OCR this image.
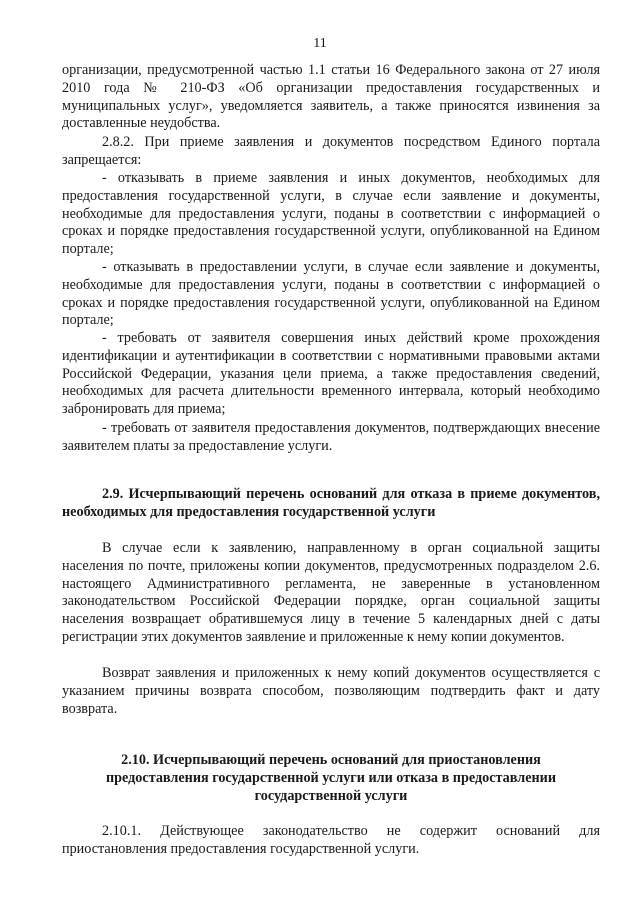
11

организации, предусмотренной частью 1.1 статьи 16 Федерального закона от 27 июля 2010 года № 210-ФЗ «Об организации предоставления государственных и муниципальных услуг», уведомляется заявитель, а также приносятся извинения за доставленные неудобства.

2.8.2. При приеме заявления и документов посредством Единого портала запрещается:

- отказывать в приеме заявления и иных документов, необходимых для предоставления государственной услуги, в случае если заявление и документы, необходимые для предоставления услуги, поданы в соответствии с информацией о сроках и порядке предоставления государственной услуги, опубликованной на Едином портале;

- отказывать в предоставлении услуги, в случае если заявление и документы, необходимые для предоставления услуги, поданы в соответствии с информацией о сроках и порядке предоставления государственной услуги, опубликованной на Едином портале;

- требовать от заявителя совершения иных действий кроме прохождения идентификации и аутентификации в соответствии с нормативными правовыми актами Российской Федерации, указания цели приема, а также предоставления сведений, необходимых для расчета длительности временного интервала, который необходимо забронировать для приема;

- требовать от заявителя предоставления документов, подтверждающих внесение заявителем платы за предоставление услуги.

2.9. Исчерпывающий перечень оснований для отказа в приеме документов, необходимых для предоставления государственной услуги

В случае если к заявлению, направленному в орган социальной защиты населения по почте, приложены копии документов, предусмотренных подразделом 2.6. настоящего Административного регламента, не заверенные в установленном законодательством Российской Федерации порядке, орган социальной защиты населения возвращает обратившемуся лицу в течение 5 календарных дней с даты регистрации этих документов заявление и приложенные к нему копии документов.

Возврат заявления и приложенных к нему копий документов осуществляется с указанием причины возврата способом, позволяющим подтвердить факт и дату возврата.

2.10. Исчерпывающий перечень оснований для приостановления предоставления государственной услуги или отказа в предоставлении государственной услуги

2.10.1. Действующее законодательство не содержит оснований для приостановления предоставления государственной услуги.
